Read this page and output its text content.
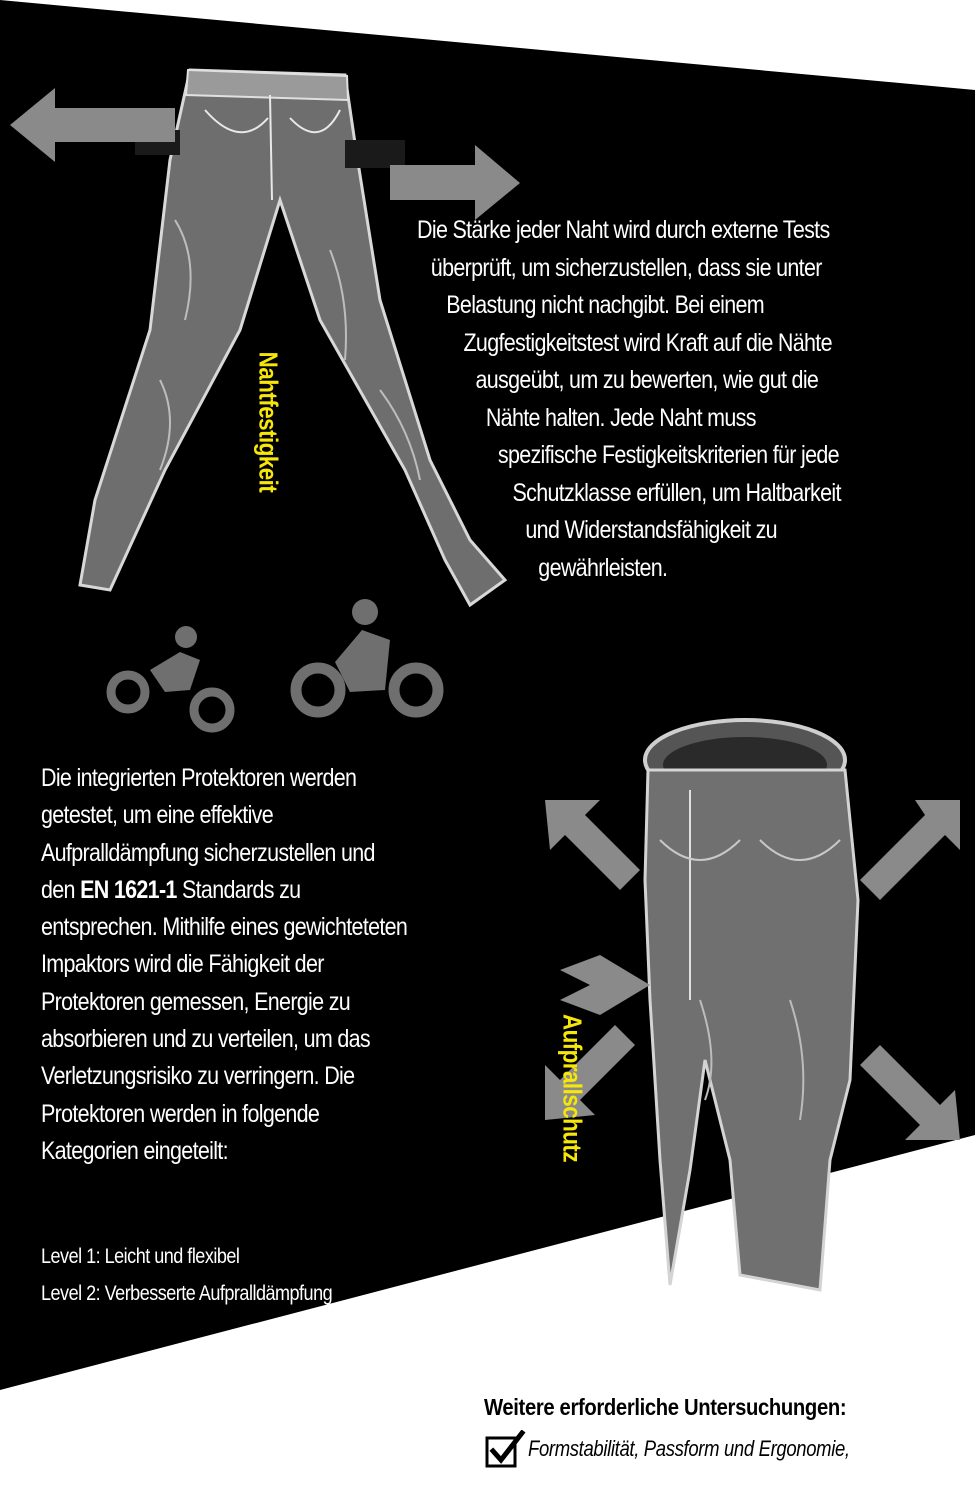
Nahtfestigkeit
Aufprallschutz

Die Stärke jeder Naht wird durch externe Tests
überprüft, um sicherzustellen, dass sie unter
Belastung nicht nachgibt. Bei einem
Zugfestigkeitstest wird Kraft auf die Nähte
ausgeübt, um zu bewerten, wie gut die
Nähte halten. Jede Naht muss
spezifische Festigkeitskriterien für jede
Schutzklasse erfüllen, um Haltbarkeit
und Widerstandsfähigkeit zu
gewährleisten.

Die integrierten Protektoren werden
getestet, um eine effektive
Aufpralldämpfung sicherzustellen und
den EN 1621-1 Standards zu
entsprechen. Mithilfe eines gewichteteten
Impaktors wird die Fähigkeit der
Protektoren gemessen, Energie zu
absorbieren und zu verteilen, um das
Verletzungsrisiko zu verringern. Die
Protektoren werden in folgende
Kategorien eingeteilt:

Level 1: Leicht und flexibel
Level 2: Verbesserte Aufpralldämpfung
Weitere erforderliche Untersuchungen:
Formstabilität, Passform und Ergonomie,
